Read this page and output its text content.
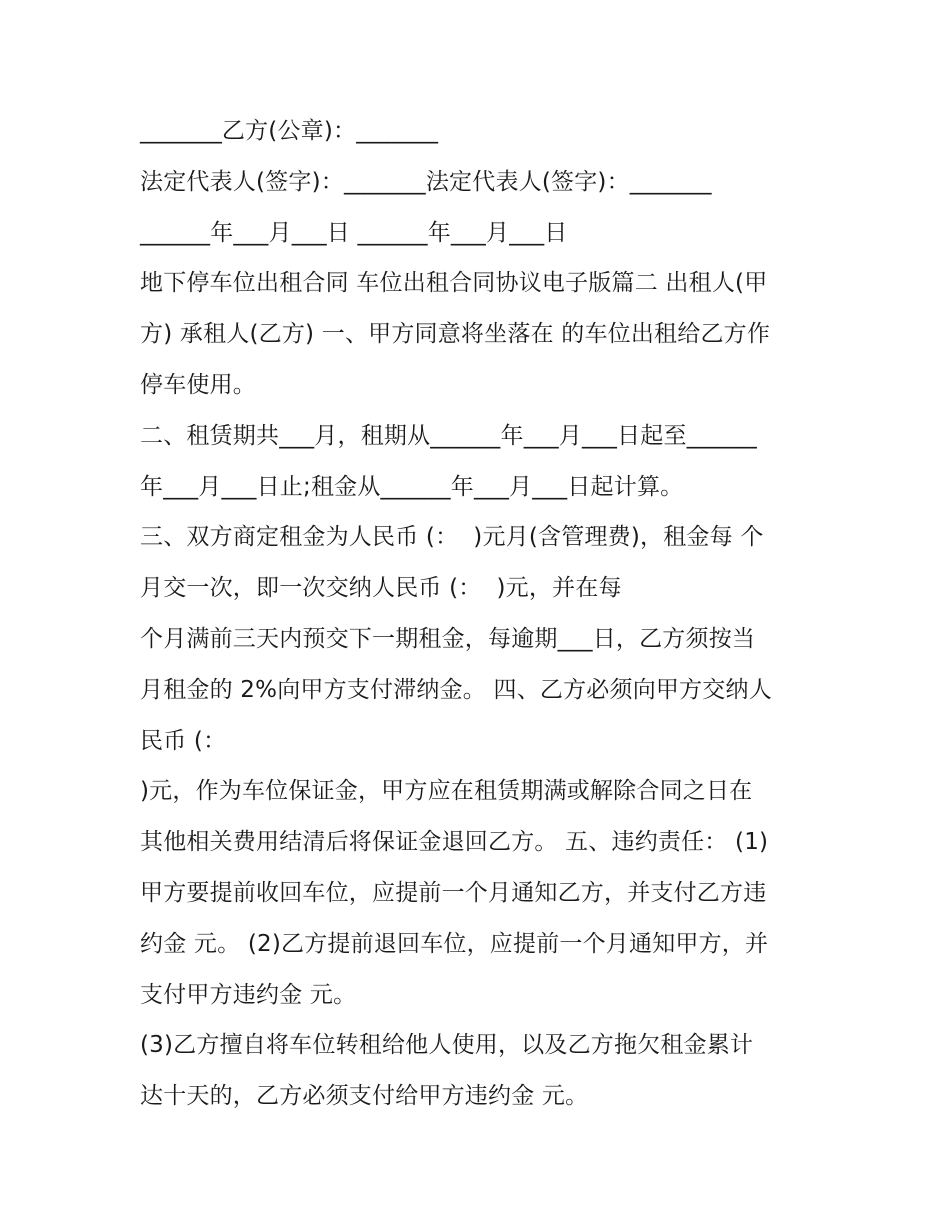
_______乙方(公章)：_______
法定代表人(签字)：_______法定代表人(签字)：_______
______年___月___日 ______年___月___日
地下停车位出租合同 车位出租合同协议电子版篇二 出租人(甲
方) 承租人(乙方) 一、甲方同意将坐落在 的车位出租给乙方作
停车使用。
二、租赁期共___月，租期从______年___月___日起至______
年___月___日止;租金从______年___月___日起计算。
三、双方商定租金为人民币 (：  )元月(含管理费)，租金每 个
月交一次，即一次交纳人民币 (：  )元，并在每
个月满前三天内预交下一期租金，每逾期___日，乙方须按当
月租金的 2%向甲方支付滞纳金。 四、乙方必须向甲方交纳人
民币 (：
)元，作为车位保证金，甲方应在租赁期满或解除合同之日在
其他相关费用结清后将保证金退回乙方。 五、违约责任： (1)
甲方要提前收回车位，应提前一个月通知乙方，并支付乙方违
约金 元。 (2)乙方提前退回车位，应提前一个月通知甲方，并
支付甲方违约金 元。
(3)乙方擅自将车位转租给他人使用，以及乙方拖欠租金累计
达十天的，乙方必须支付给甲方违约金 元。
